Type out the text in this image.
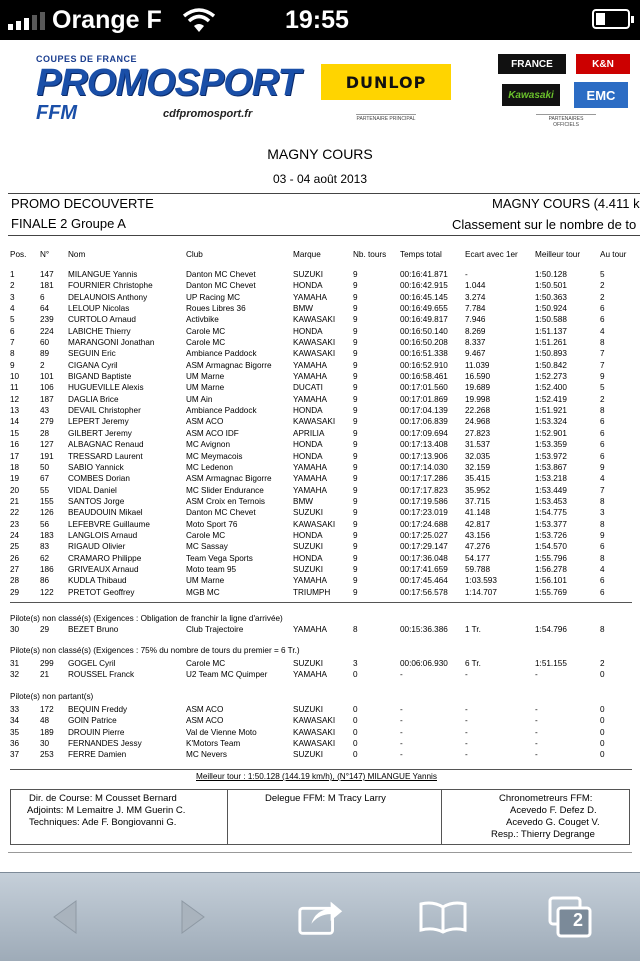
Orange F	19:55
COUPES DE FRANCE
PROMOSPORT
FFM	cdfpromosport.fr
DUNLOP
PARTENAIRE PRINCIPAL
FRANCE	K&N
Kawasaki	EMC
PARTENAIRES OFFICIELS
MAGNY COURS
03 - 04 août 2013
PROMO DECOUVERTE	MAGNY COURS (4.411 k
FINALE 2 Groupe A	Classement sur le nombre de to
Pos.	N°	Nom	Club	Marque	Nb. tours	Temps total	Ecart avec 1er	Meilleur tour	Au tour

1	147	MILANGUE Yannis	Danton MC Chevet	SUZUKI	9	00:16:41.871	-	1:50.128	5
2	181	FOURNIER Christophe	Danton MC Chevet	HONDA	9	00:16:42.915	1.044	1:50.501	2
3	6	DELAUNOIS Anthony	UP Racing MC	YAMAHA	9	00:16:45.145	3.274	1:50.363	2
4	64	LELOUP Nicolas	Roues Libres 36	BMW	9	00:16:49.655	7.784	1:50.924	6
5	239	CURTOLO Arnaud	Activbike	KAWASAKI	9	00:16:49.817	7.946	1:50.588	6
6	224	LABICHE Thierry	Carole MC	HONDA	9	00:16:50.140	8.269	1:51.137	4
7	60	MARANGONI Jonathan	Carole MC	KAWASAKI	9	00:16:50.208	8.337	1:51.261	8
8	89	SEGUIN Eric	Ambiance Paddock	KAWASAKI	9	00:16:51.338	9.467	1:50.893	7
9	2	CIGANA Cyril	ASM Armagnac Bigorre	YAMAHA	9	00:16:52.910	11.039	1:50.842	7
10	101	BIGAND Baptiste	UM Marne	YAMAHA	9	00:16:58.461	16.590	1:52.273	9
11	106	HUGUEVILLE Alexis	UM Marne	DUCATI	9	00:17:01.560	19.689	1:52.400	5
12	187	DAGLIA Brice	UM Ain	YAMAHA	9	00:17:01.869	19.998	1:52.419	2
13	43	DEVAIL Christopher	Ambiance Paddock	HONDA	9	00:17:04.139	22.268	1:51.921	8
14	279	LEPERT Jeremy	ASM ACO	KAWASAKI	9	00:17:06.839	24.968	1:53.324	6
15	28	GILBERT Jeremy	ASM ACO IDF	APRILIA	9	00:17:09.694	27.823	1:52.901	6
16	127	ALBAGNAC Renaud	MC Avignon	HONDA	9	00:17:13.408	31.537	1:53.359	6
17	191	TRESSARD Laurent	MC Meymacois	HONDA	9	00:17:13.906	32.035	1:53.972	6
18	50	SABIO Yannick	MC Ledenon	YAMAHA	9	00:17:14.030	32.159	1:53.867	9
19	67	COMBES Dorian	ASM Armagnac Bigorre	YAMAHA	9	00:17:17.286	35.415	1:53.218	4
20	55	VIDAL Daniel	MC Slider Endurance	YAMAHA	9	00:17:17.823	35.952	1:53.449	7
21	155	SANTOS Jorge	ASM Croix en Ternois	BMW	9	00:17:19.586	37.715	1:53.453	8
22	126	BEAUDOUIN Mikael	Danton MC Chevet	SUZUKI	9	00:17:23.019	41.148	1:54.775	3
23	56	LEFEBVRE Guillaume	Moto Sport 76	KAWASAKI	9	00:17:24.688	42.817	1:53.377	8
24	183	LANGLOIS Arnaud	Carole MC	HONDA	9	00:17:25.027	43.156	1:53.726	9
25	83	RIGAUD Olivier	MC Sassay	SUZUKI	9	00:17:29.147	47.276	1:54.570	6
26	62	CRAMARO Philippe	Team Vega Sports	HONDA	9	00:17:36.048	54.177	1:55.796	8
27	186	GRIVEAUX Arnaud	Moto team 95	SUZUKI	9	00:17:41.659	59.788	1:56.278	4
28	86	KUDLA Thibaud	UM Marne	YAMAHA	9	00:17:45.464	1:03.593	1:56.101	6
29	122	PRETOT Geoffrey	MGB MC	TRIUMPH	9	00:17:56.578	1:14.707	1:55.769	6
Pilote(s) non classé(s) (Exigences : Obligation de franchir la ligne d'arrivée)
30	29	BEZET Bruno	Club Trajectoire	YAMAHA	8	00:15:36.386	1 Tr.	1:54.796	8
Pilote(s) non classé(s) (Exigences : 75% du nombre de tours du premier = 6 Tr.)
31	299	GOGEL Cyril	Carole MC	SUZUKI	3	00:06:06.930	6 Tr.	1:51.155	2
32	21	ROUSSEL Franck	U2 Team MC Quimper	YAMAHA	0	-	-	-	0
Pilote(s) non partant(s)
33	172	BEQUIN Freddy	ASM ACO	SUZUKI	0	-	-	-	0
34	48	GOIN Patrice	ASM ACO	KAWASAKI	0	-	-	-	0
35	189	DROUIN Pierre	Val de Vienne Moto	KAWASAKI	0	-	-	-	0
36	30	FERNANDES Jessy	K'Motors Team	KAWASAKI	0	-	-	-	0
37	253	FERRE Damien	MC Nevers	SUZUKI	0	-	-	-	0
Meilleur tour : 1:50.128 (144.19 km/h), (N°147) MILANGUE Yannis
Dir. de Course: M Cousset Bernard
Adjoints: M Lemaitre J. MM Guerin C.
Techniques: Ade F. Bongiovanni G.
Delegue FFM: M Tracy Larry	Chronometreurs FFM:
Acevedo F. Defez D.
Acevedo G. Couget V.
Resp.: Thierry Degrange
2
